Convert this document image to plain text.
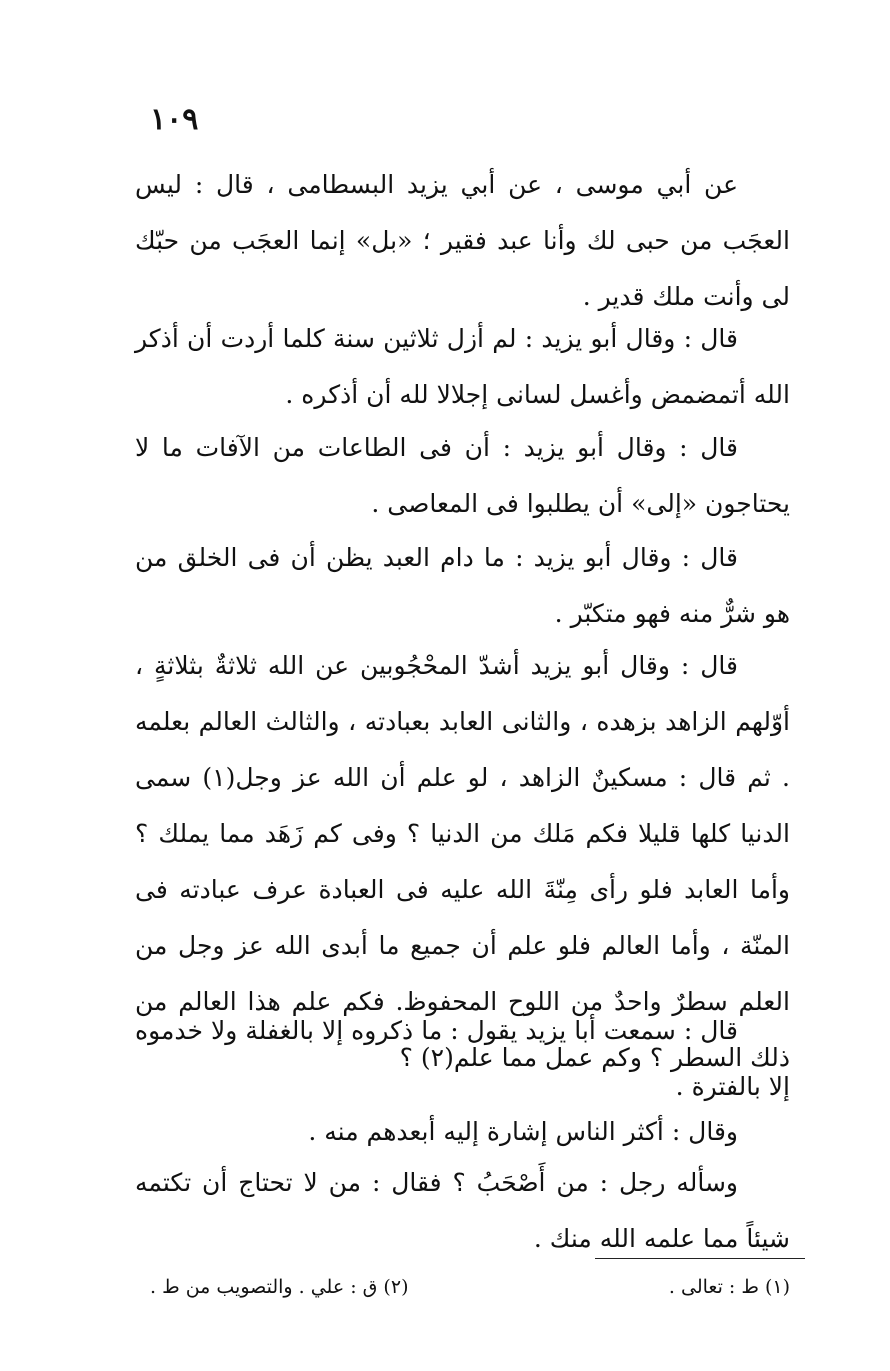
١٠٩

عن أبي موسى ، عن أبي يزيد البسطامى ، قال : ليس العجَب من حبى لك وأنا عبد فقير ؛ «بل» إنما العجَب من حبّك لى وأنت ملك قدير .

قال : وقال أبو يزيد : لم أزل ثلاثين سنة كلما أردت أن أذكر الله أتمضمض وأغسل لسانى إجلالا لله أن أذكره .

قال : وقال أبو يزيد : أن فى الطاعات من الآفات ما لا يحتاجون «إلى» أن يطلبوا فى المعاصى .

قال : وقال أبو يزيد : ما دام العبد يظن أن فى الخلق من هو شرٌّ منه فهو متكبّر .

قال : وقال أبو يزيد أشدّ المحْجُوبين عن الله ثلاثةٌ بثلاثةٍ ، أوّلهم الزاهد بزهده ، والثانى العابد بعبادته ، والثالث العالم بعلمه . ثم قال : مسكينٌ الزاهد ، لو علم أن الله عز وجل(١) سمى الدنيا كلها قليلا فكم مَلك من الدنيا ؟ وفى كم زَهَد مما يملك ؟ وأما العابد فلو رأى مِنّةَ الله عليه فى العبادة عرف عبادته فى المنّة ، وأما العالم فلو علم أن جميع ما أبدى الله عز وجل من العلم سطرٌ واحدٌ من اللوح المحفوظ. فكم علم هذا العالم من ذلك السطر ؟ وكم عمل مما علم(٢) ؟

قال : سمعت أبا يزيد يقول : ما ذكروه إلا بالغفلة ولا خدموه إلا بالفترة .

وقال : أكثر الناس إشارة إليه أبعدهم منه .

وسأله رجل : من أَصْحَبُ ؟ فقال : من لا تحتاج أن تكتمه شيئاً مما علمه الله منك .

(١) ط : تعالى .
(٢) ق : علي . والتصويب من ط .
